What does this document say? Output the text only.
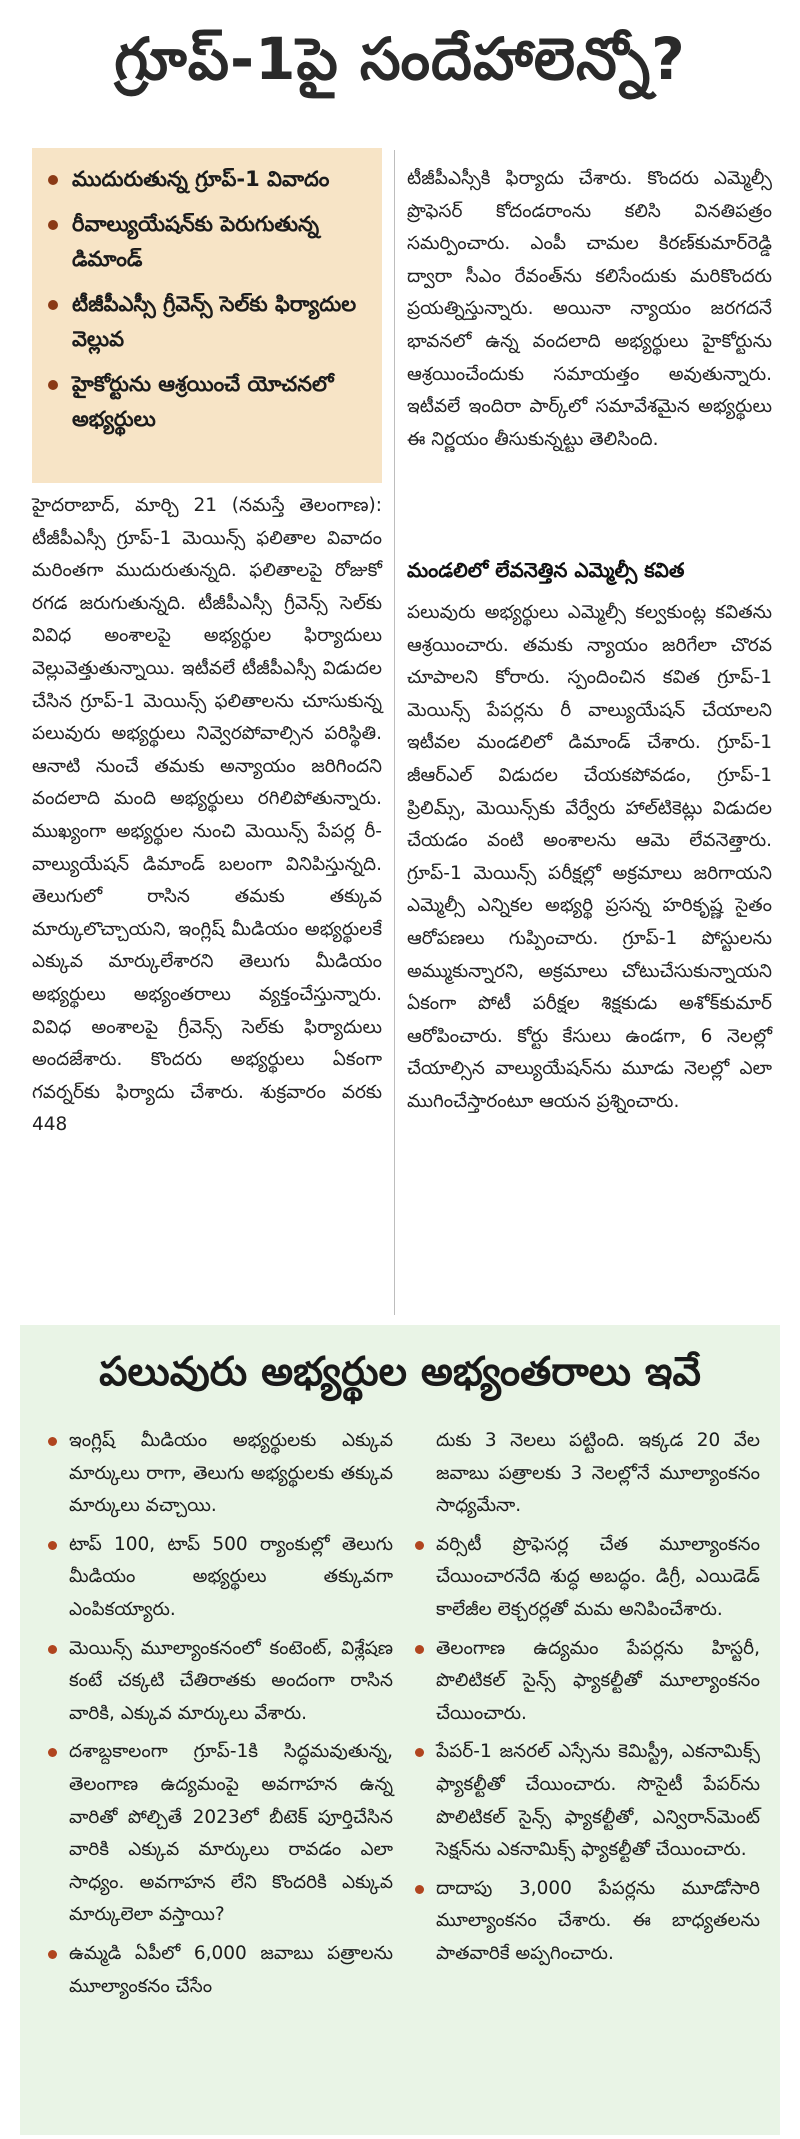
గ్రూప్-1పై సందేహాలెన్నో?
ముదురుతున్న గ్రూప్-1 వివాదం
రీవాల్యుయేషన్‌కు పెరుగుతున్న డిమాండ్
టీజీపీఎస్సీ గ్రీవెన్స్ సెల్‌కు ఫిర్యాదుల వెల్లువ
హైకోర్టును ఆశ్రయించే యోచనలో అభ్యర్థులు
హైదరాబాద్, మార్చి 21 (నమస్తే తెలంగాణ): టీజీపీఎస్సీ గ్రూప్-1 మెయిన్స్ ఫలితాల వివాదం మరింతగా ముదురుతున్నది. ఫలితాలపై రోజుకో రగడ జరుగుతున్నది. టీజీపీఎస్సీ గ్రీవెన్స్ సెల్‌కు వివిధ అంశాలపై అభ్యర్థుల ఫిర్యాదులు వెల్లువెత్తుతున్నాయి. ఇటీవలే టీజీపీఎస్సీ విడుదల చేసిన గ్రూప్-1 మెయిన్స్ ఫలితాలను చూసుకున్న పలువురు అభ్యర్థులు నివ్వెరపోవాల్సిన పరిస్థితి. ఆనాటి నుంచే తమకు అన్యాయం జరిగిందని వందలాది మంది అభ్యర్థులు రగిలిపోతున్నారు. ముఖ్యంగా అభ్యర్థుల నుంచి మెయిన్స్ పేపర్ల రీ-వాల్యుయేషన్ డిమాండ్ బలంగా వినిపిస్తున్నది. తెలుగులో రాసిన తమకు తక్కువ మార్కులొచ్చాయని, ఇంగ్లిష్ మీడియం అభ్యర్థులకే ఎక్కువ మార్కులేశారని తెలుగు మీడియం అభ్యర్థులు అభ్యంతరాలు వ్యక్తంచేస్తున్నారు. వివిధ అంశాలపై గ్రీవెన్స్ సెల్‌కు ఫిర్యాదులు అందజేశారు. కొందరు అభ్యర్థులు ఏకంగా గవర్నర్‌కు ఫిర్యాదు చేశారు. శుక్రవారం వరకు 448
టీజీపీఎస్సీకి ఫిర్యాదు చేశారు. కొందరు ఎమ్మెల్సీ ప్రొఫెసర్ కోదండరాంను కలిసి వినతిపత్రం సమర్పించారు. ఎంపీ చామల కిరణ్‌కుమార్‌రెడ్డి ద్వారా సీఎం రేవంత్‌ను కలిసేందుకు మరికొందరు ప్రయత్నిస్తున్నారు. అయినా న్యాయం జరగదనే భావనలో ఉన్న వందలాది అభ్యర్థులు హైకోర్టును ఆశ్రయించేందుకు సమాయత్తం అవుతున్నారు. ఇటీవలే ఇందిరా పార్క్‌లో సమావేశమైన అభ్యర్థులు ఈ నిర్ణయం తీసుకున్నట్టు తెలిసింది.
మండలిలో లేవనెత్తిన ఎమ్మెల్సీ కవిత
పలువురు అభ్యర్థులు ఎమ్మెల్సీ కల్వకుంట్ల కవితను ఆశ్రయించారు. తమకు న్యాయం జరిగేలా చొరవ చూపాలని కోరారు. స్పందించిన కవిత గ్రూప్-1 మెయిన్స్ పేపర్లను రీ వాల్యుయేషన్ చేయాలని ఇటీవల మండలిలో డిమాండ్ చేశారు. గ్రూప్-1 జీఆర్‌ఎల్ విడుదల చేయకపోవడం, గ్రూప్-1 ప్రిలిమ్స్, మెయిన్స్‌కు వేర్వేరు హాల్‌టికెట్లు విడుదల చేయడం వంటి అంశాలను ఆమె లేవనెత్తారు. గ్రూప్-1 మెయిన్స్ పరీక్షల్లో అక్రమాలు జరిగాయని ఎమ్మెల్సీ ఎన్నికల అభ్యర్థి ప్రసన్న హరికృష్ణ సైతం ఆరోపణలు గుప్పించారు. గ్రూప్-1 పోస్టులను అమ్ముకున్నారని, అక్రమాలు చోటుచేసుకున్నాయని ఏకంగా పోటీ పరీక్షల శిక్షకుడు అశోక్‌కుమార్ ఆరోపించారు. కోర్టు కేసులు ఉండగా, 6 నెలల్లో చేయాల్సిన వాల్యుయేషన్‌ను మూడు నెలల్లో ఎలా ముగించేస్తారంటూ ఆయన ప్రశ్నించారు.
పలువురు అభ్యర్థుల అభ్యంతరాలు ఇవే
ఇంగ్లిష్ మీడియం అభ్యర్థులకు ఎక్కువ మార్కులు రాగా, తెలుగు అభ్యర్థులకు తక్కువ మార్కులు వచ్చాయి.
టాప్ 100, టాప్ 500 ర్యాంకుల్లో తెలుగు మీడియం అభ్యర్థులు తక్కువగా ఎంపికయ్యారు.
మెయిన్స్ మూల్యాంకనంలో కంటెంట్, విశ్లేషణ కంటే చక్కటి చేతిరాతకు అందంగా రాసిన వారికి, ఎక్కువ మార్కులు వేశారు.
దశాబ్దకాలంగా గ్రూప్-1కి సిద్ధమవుతున్న, తెలంగాణ ఉద్యమంపై అవగాహన ఉన్న వారితో పోల్చితే 2023లో బీటెక్ పూర్తిచేసిన వారికి ఎక్కువ మార్కులు రావడం ఎలా సాధ్యం. అవగాహన లేని కొందరికి ఎక్కువ మార్కులెలా వస్తాయి?
ఉమ్మడి ఏపీలో 6,000 జవాబు పత్రాలను మూల్యాంకనం చేసేం
దుకు 3 నెలలు పట్టింది. ఇక్కడ 20 వేల జవాబు పత్రాలకు 3 నెలల్లోనే మూల్యాంకనం సాధ్యమేనా.
వర్సిటీ ప్రొఫెసర్ల చేత మూల్యాంకనం చేయించారనేది శుద్ధ అబద్ధం. డిగ్రీ, ఎయిడెడ్ కాలేజీల లెక్చరర్లతో మమ అనిపించేశారు.
తెలంగాణ ఉద్యమం పేపర్లను హిస్టరీ, పొలిటికల్ సైన్స్ ఫ్యాకల్టీతో మూల్యాంకనం చేయించారు.
పేపర్-1 జనరల్ ఎస్సేను కెమిస్ట్రీ, ఎకనామిక్స్ ఫ్యాకల్టీతో చేయించారు. సొసైటీ పేపర్‌ను పొలిటికల్ సైన్స్ ఫ్యాకల్టీతో, ఎన్విరాన్‌మెంట్ సెక్షన్‌ను ఎకనామిక్స్ ఫ్యాకల్టీతో చేయించారు.
దాదాపు 3,000 పేపర్లను మూడోసారి మూల్యాంకనం చేశారు. ఈ బాధ్యతలను పాతవారికే అప్పగించారు.
